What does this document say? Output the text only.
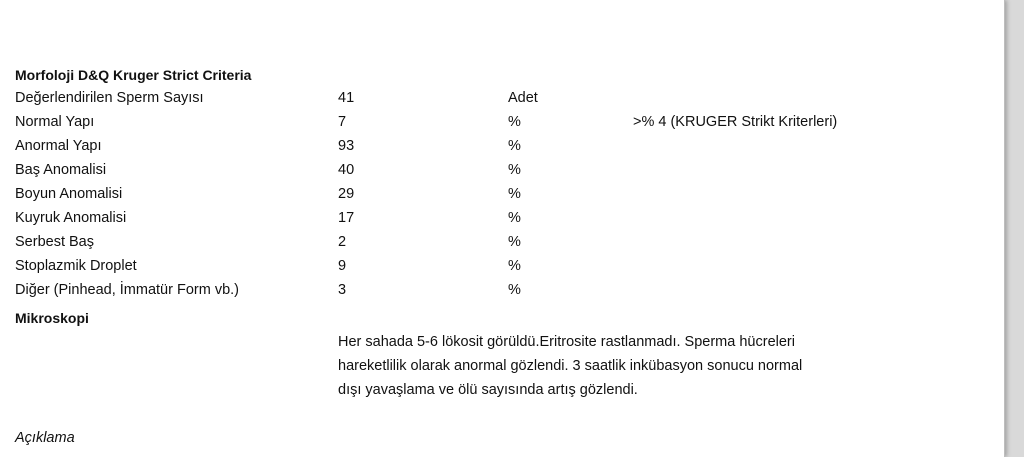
Morfoloji D&Q Kruger Strict Criteria
Değerlendirilen Sperm Sayısı	41	Adet
Normal Yapı	7	%	>% 4 (KRUGER Strikt Kriterleri)
Anormal Yapı	93	%
Baş Anomalisi	40	%
Boyun Anomalisi	29	%
Kuyruk Anomalisi	17	%
Serbest Baş	2	%
Stoplazmik Droplet	9	%
Diğer (Pinhead, İmmatür Form vb.)	3	%
Mikroskopi
Her sahada 5-6 lökosit görüldü.Eritrosite rastlanmadı. Sperma hücreleri
hareketlilik olarak anormal gözlendi. 3 saatlik inkübasyon sonucu normal
dışı yavaşlama ve ölü sayısında artış gözlendi.
Açıklama
